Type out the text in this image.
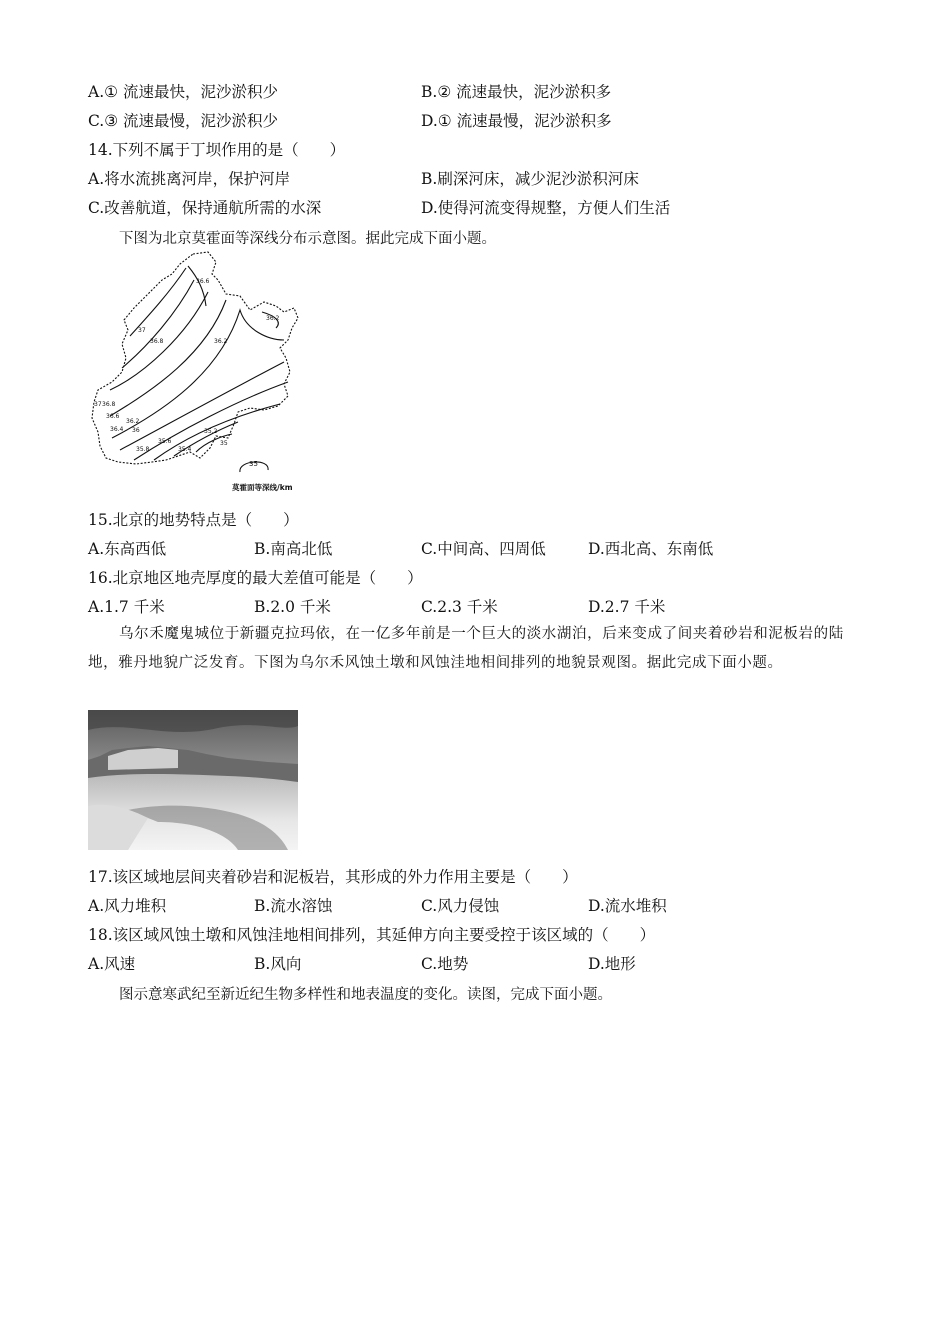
A.① 流速最快，泥沙淤积少	B.② 流速最快，泥沙淤积多
C.③ 流速最慢，泥沙淤积少	D.① 流速最慢，泥沙淤积多
14.下列不属于丁坝作用的是（　　）
A.将水流挑离河岸，保护河岸	B.刷深河床，减少泥沙淤积河床
C.改善航道，保持通航所需的水深	D.使得河流变得规整，方便人们生活
下图为北京莫霍面等深线分布示意图。据此完成下面小题。
36.6
37
36.8	36.2
36.2
37 36.8
36.6
36.4
36.2
36
35.8
35.6
35.4
35.2
35
35
莫霍面等深线/km
15.北京的地势特点是（　　）
A.东高西低	B.南高北低	C.中间高、四周低	D.西北高、东南低
16.北京地区地壳厚度的最大差值可能是（　　）
A.1.7 千米	B.2.0 千米	C.2.3 千米	D.2.7 千米
乌尔禾魔鬼城位于新疆克拉玛依，在一亿多年前是一个巨大的淡水湖泊，后来变成了间夹着砂岩和泥板岩的陆地，雅丹地貌广泛发育。下图为乌尔禾风蚀土墩和风蚀洼地相间排列的地貌景观图。据此完成下面小题。
17.该区域地层间夹着砂岩和泥板岩，其形成的外力作用主要是（　　）
A.风力堆积	B.流水溶蚀	C.风力侵蚀	D.流水堆积
18.该区域风蚀土墩和风蚀洼地相间排列，其延伸方向主要受控于该区域的（　　）
A.风速	B.风向	C.地势	D.地形
图示意寒武纪至新近纪生物多样性和地表温度的变化。读图，完成下面小题。
